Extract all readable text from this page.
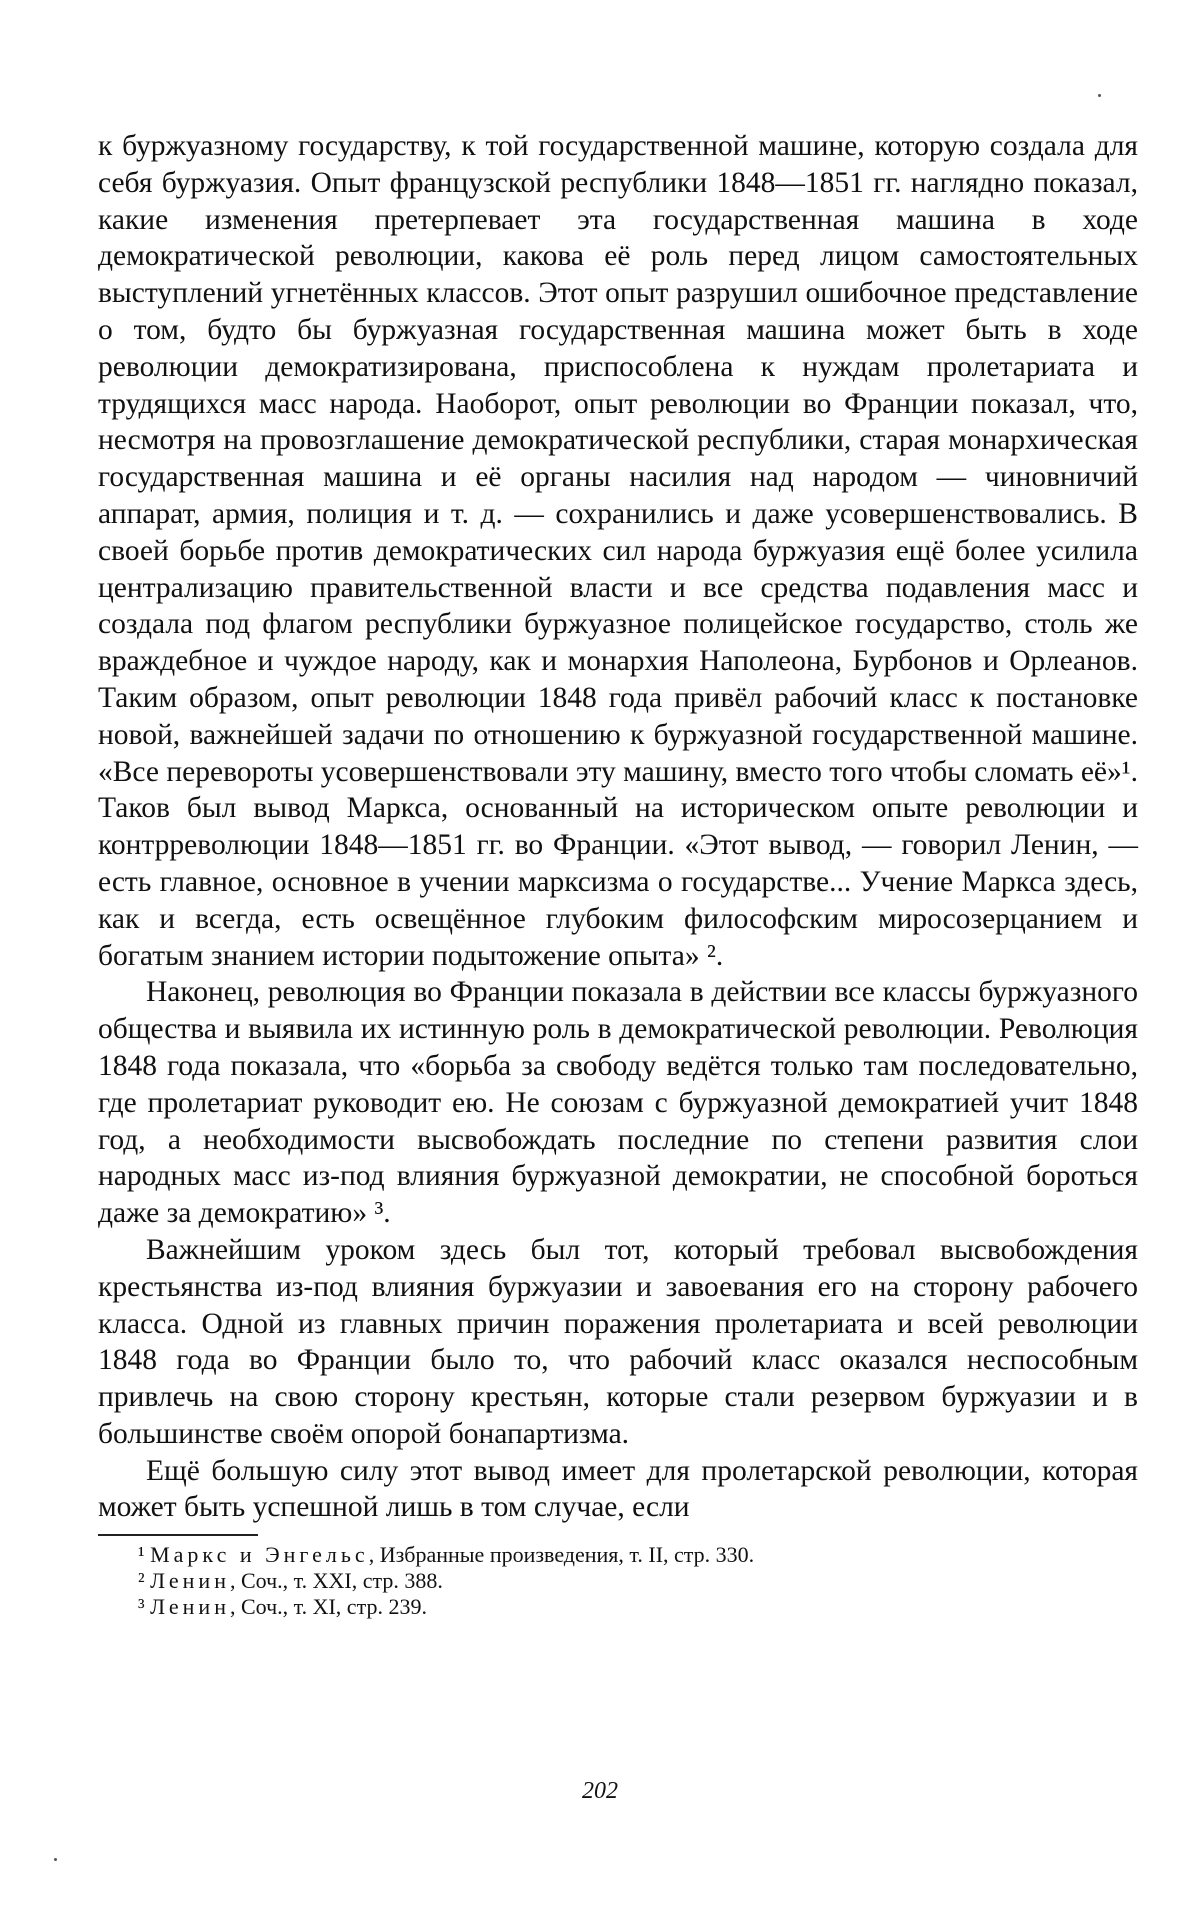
к буржуазному государству, к той государственной машине, которую создала для себя буржуазия. Опыт французской республики 1848—1851 гг. наглядно показал, какие изменения претерпевает эта государственная машина в ходе демократической революции, какова её роль перед лицом самостоятельных выступлений угнетённых классов. Этот опыт разрушил ошибочное представление о том, будто бы буржуазная государственная машина может быть в ходе революции демократизирована, приспособлена к нуждам пролетариата и трудящихся масс народа. Наоборот, опыт революции во Франции показал, что, несмотря на провозглашение демократической республики, старая монархическая государственная машина и её органы насилия над народом — чиновничий аппарат, армия, полиция и т. д. — сохранились и даже усовершенствовались. В своей борьбе против демократических сил народа буржуазия ещё более усилила централизацию правительственной власти и все средства подавления масс и создала под флагом республики буржуазное полицейское государство, столь же враждебное и чуждое народу, как и монархия Наполеона, Бурбонов и Орлеанов. Таким образом, опыт революции 1848 года привёл рабочий класс к постановке новой, важнейшей задачи по отношению к буржуазной государственной машине. «Все перевороты усовершенствовали эту машину, вместо того чтобы сломать её»¹. Таков был вывод Маркса, основанный на историческом опыте революции и контрреволюции 1848—1851 гг. во Франции. «Этот вывод, — говорил Ленин, — есть главное, основное в учении марксизма о государстве... Учение Маркса здесь, как и всегда, есть освещённое глубоким философским миросозерцанием и богатым знанием истории подытожение опыта» ².

Наконец, революция во Франции показала в действии все классы буржуазного общества и выявила их истинную роль в демократической революции. Революция 1848 года показала, что «борьба за свободу ведётся только там последовательно, где пролетариат руководит ею. Не союзам с буржуазной демократией учит 1848 год, а необходимости высвобождать последние по степени развития слои народных масс из-под влияния буржуазной демократии, не способной бороться даже за демократию» ³.

Важнейшим уроком здесь был тот, который требовал высвобождения крестьянства из-под влияния буржуазии и завоевания его на сторону рабочего класса. Одной из главных причин поражения пролетариата и всей революции 1848 года во Франции было то, что рабочий класс оказался неспособным привлечь на свою сторону крестьян, которые стали резервом буржуазии и в большинстве своём опорой бонапартизма.

Ещё большую силу этот вывод имеет для пролетарской революции, которая может быть успешной лишь в том случае, если

¹ Маркс и Энгельс, Избранные произведения, т. II, стр. 330.

² Ленин, Соч., т. XXI, стр. 388.

³ Ленин, Соч., т. XI, стр. 239.

202
